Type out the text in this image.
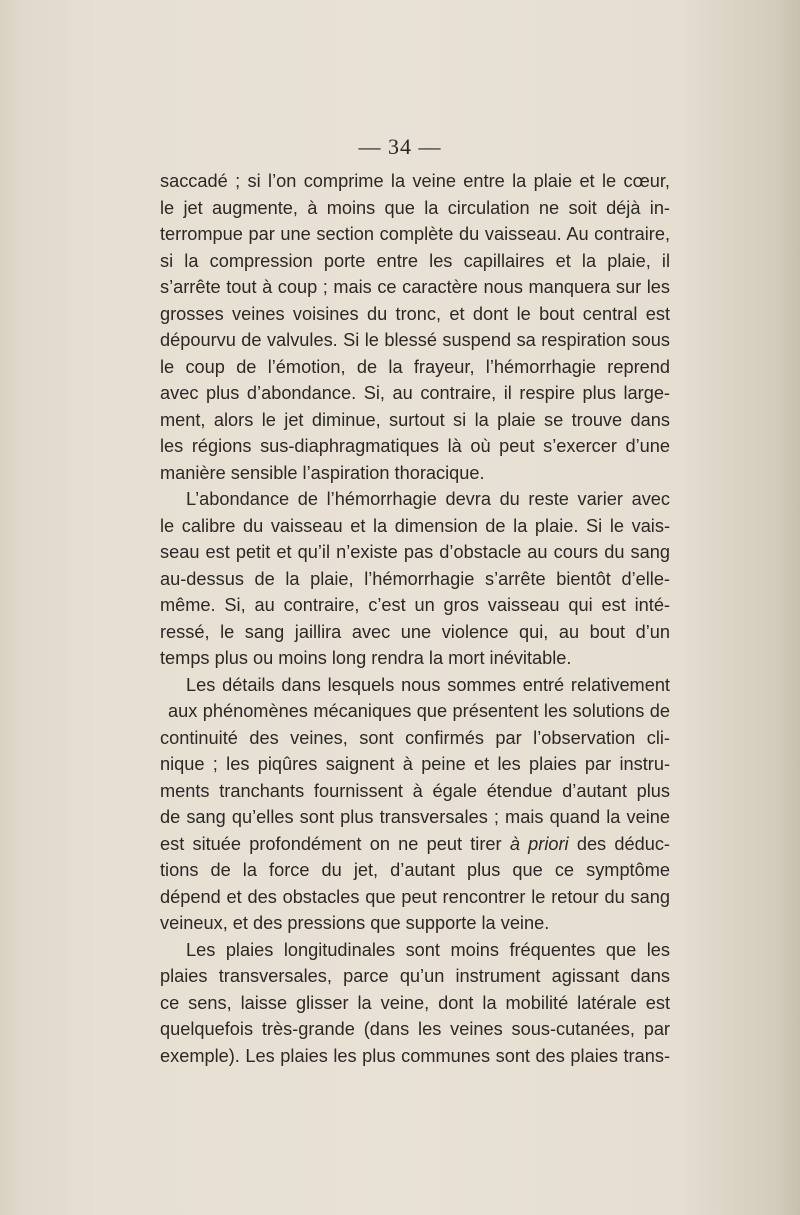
— 34 —
saccadé ; si l’on comprime la veine entre la plaie et le cœur,
le jet augmente, à moins que la circulation ne soit déjà in-
terrompue par une section complète du vaisseau. Au contraire,
si la compression porte entre les capillaires et la plaie, il
s’arrête tout à coup ; mais ce caractère nous manquera sur les
grosses veines voisines du tronc, et dont le bout central est
dépourvu de valvules. Si le blessé suspend sa respiration sous
le coup de l’émotion, de la frayeur, l’hémorrhagie reprend
avec plus d’abondance. Si, au contraire, il respire plus large-
ment, alors le jet diminue, surtout si la plaie se trouve dans
les régions sus-diaphragmatiques là où peut s’exercer d’une
manière sensible l’aspiration thoracique.
L’abondance de l’hémorrhagie devra du reste varier avec
le calibre du vaisseau et la dimension de la plaie. Si le vais-
seau est petit et qu’il n’existe pas d’obstacle au cours du sang
au-dessus de la plaie, l’hémorrhagie s’arrête bientôt d’elle-
même. Si, au contraire, c’est un gros vaisseau qui est inté-
ressé, le sang jaillira avec une violence qui, au bout d’un
temps plus ou moins long rendra la mort inévitable.
Les détails dans lesquels nous sommes entré relativement
aux phénomènes mécaniques que présentent les solutions de
continuité des veines, sont confirmés par l’observation cli-
nique ; les piqûres saignent à peine et les plaies par instru-
ments tranchants fournissent à égale étendue d’autant plus
de sang qu’elles sont plus transversales ; mais quand la veine
est située profondément on ne peut tirer à priori des déduc-
tions de la force du jet, d’autant plus que ce symptôme
dépend et des obstacles que peut rencontrer le retour du sang
veineux, et des pressions que supporte la veine.
Les plaies longitudinales sont moins fréquentes que les
plaies transversales, parce qu’un instrument agissant dans
ce sens, laisse glisser la veine, dont la mobilité latérale est
quelquefois très-grande (dans les veines sous-cutanées, par
exemple). Les plaies les plus communes sont des plaies trans-
